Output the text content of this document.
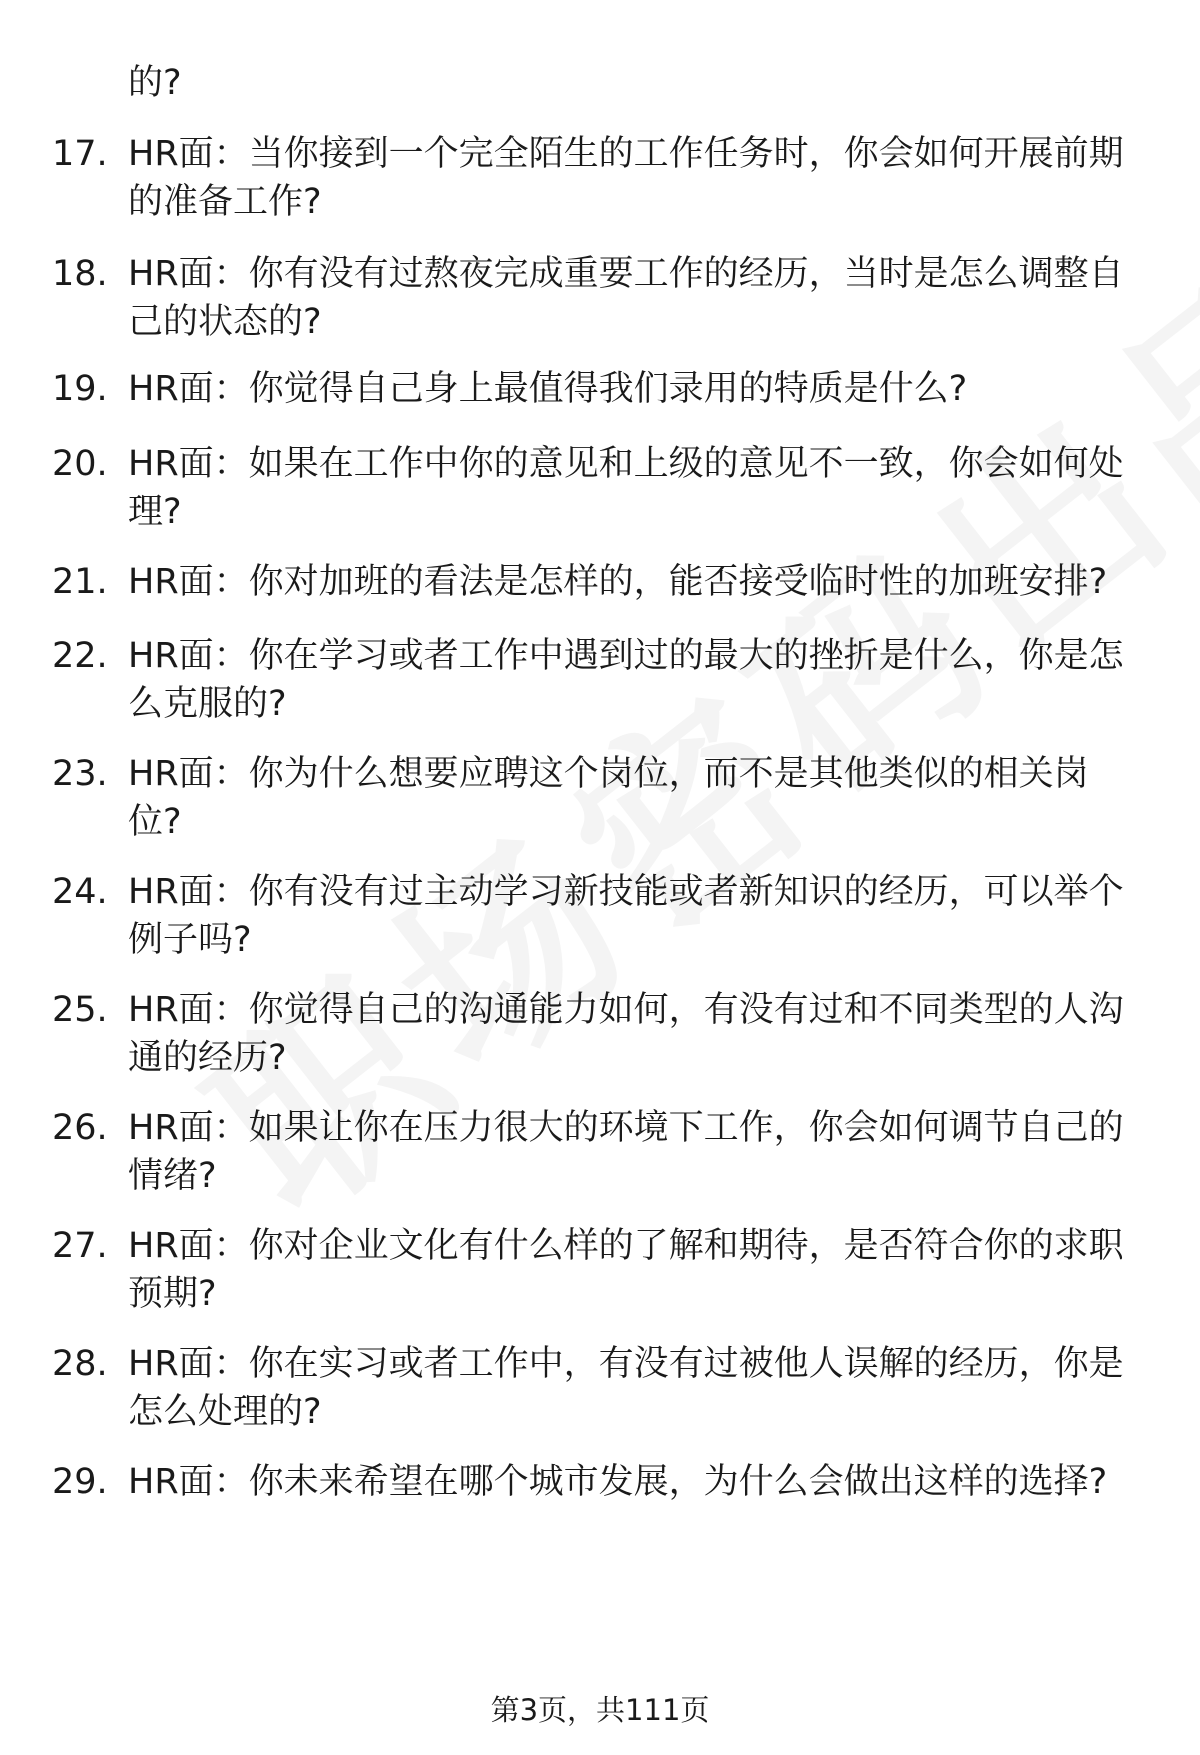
的?
17. HR面：当你接到一个完全陌生的工作任务时，你会如何开展前期
的准备工作?
18. HR面：你有没有过熬夜完成重要工作的经历，当时是怎么调整自
己的状态的?
19. HR面：你觉得自己身上最值得我们录用的特质是什么?
20. HR面：如果在工作中你的意见和上级的意见不一致，你会如何处
理?
21. HR面：你对加班的看法是怎样的，能否接受临时性的加班安排?
22. HR面：你在学习或者工作中遇到过的最大的挫折是什么，你是怎
么克服的?
23. HR面：你为什么想要应聘这个岗位，而不是其他类似的相关岗
位?
24. HR面：你有没有过主动学习新技能或者新知识的经历，可以举个
例子吗?
25. HR面：你觉得自己的沟通能力如何，有没有过和不同类型的人沟
通的经历?
26. HR面：如果让你在压力很大的环境下工作，你会如何调节自己的
情绪?
27. HR面：你对企业文化有什么样的了解和期待，是否符合你的求职
预期?
28. HR面：你在实习或者工作中，有没有过被他人误解的经历，你是
怎么处理的?
29. HR面：你未来希望在哪个城市发展，为什么会做出这样的选择?
第3页，共111页
